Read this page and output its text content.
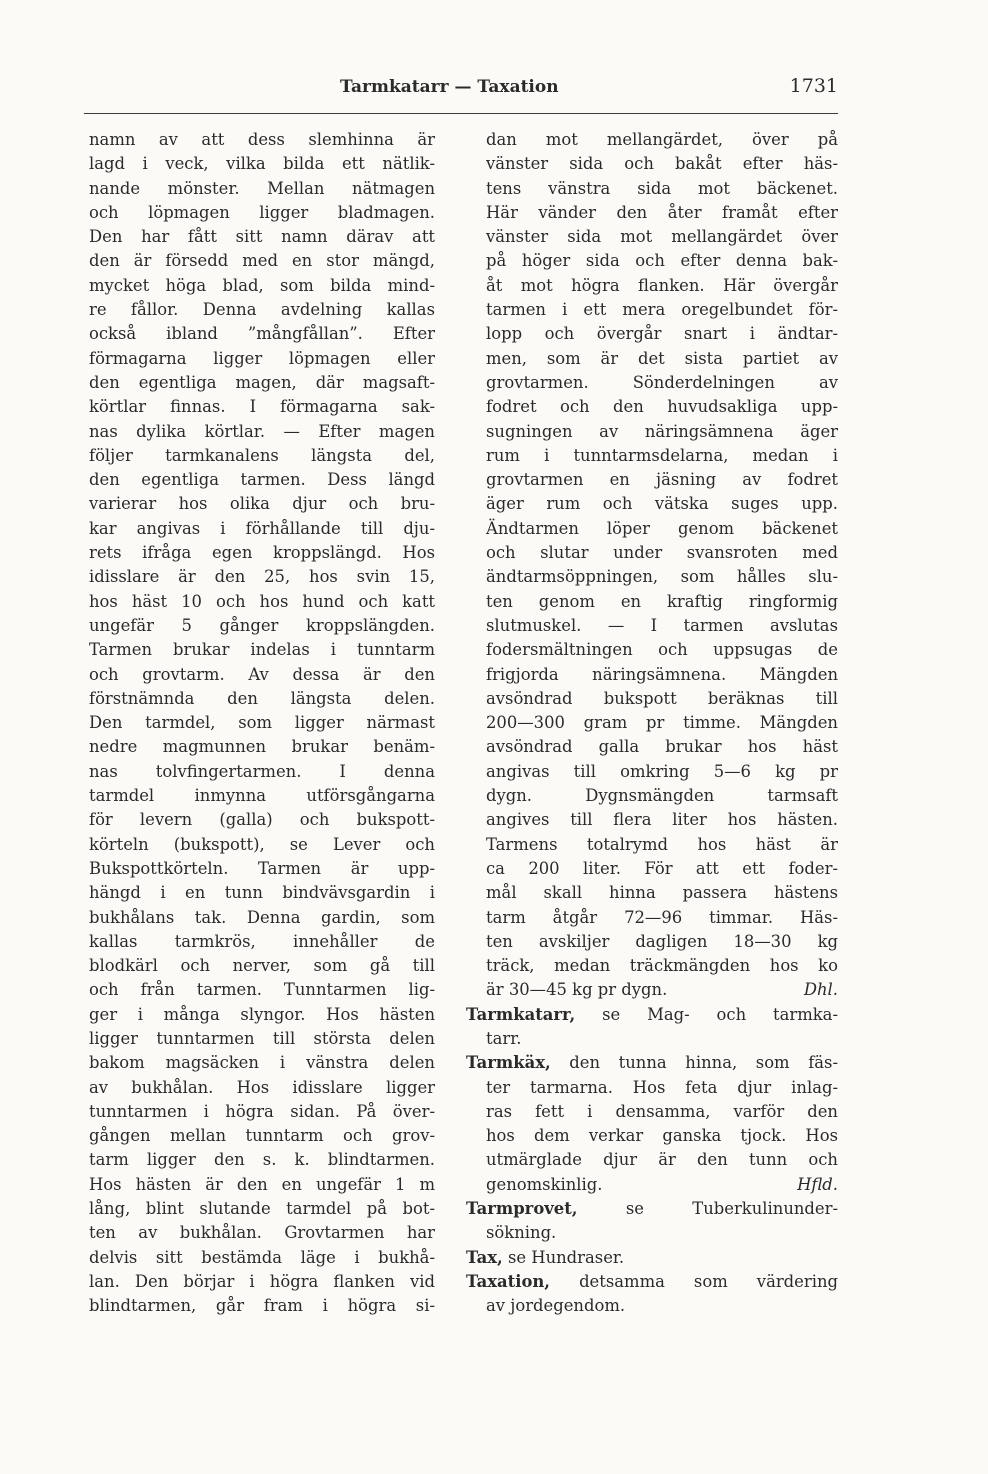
Tarmkatarr — Taxation	1731
namn av att dess slemhinna är
lagd i veck, vilka bilda ett nätlik-
nande mönster. Mellan nätmagen
och löpmagen ligger bladmagen.
Den har fått sitt namn därav att
den är försedd med en stor mängd,
mycket höga blad, som bilda mind-
re fållor. Denna avdelning kallas
också ibland ”mångfållan”. Efter
förmagarna ligger löpmagen eller
den egentliga magen, där magsaft-
körtlar finnas. I förmagarna sak-
nas dylika körtlar. — Efter magen
följer tarmkanalens längsta del,
den egentliga tarmen. Dess längd
varierar hos olika djur och bru-
kar angivas i förhållande till dju-
rets ifråga egen kroppslängd. Hos
idisslare är den 25, hos svin 15,
hos häst 10 och hos hund och katt
ungefär 5 gånger kroppslängden.
Tarmen brukar indelas i tunntarm
och grovtarm. Av dessa är den
förstnämnda den längsta delen.
Den tarmdel, som ligger närmast
nedre magmunnen brukar benäm-
nas tolvfingertarmen. I denna
tarmdel inmynna utförsgångarna
för levern (galla) och bukspott-
körteln (bukspott), se Lever och
Bukspottkörteln. Tarmen är upp-
hängd i en tunn bindvävsgardin i
bukhålans tak. Denna gardin, som
kallas tarmkrös, innehåller de
blodkärl och nerver, som gå till
och från tarmen. Tunntarmen lig-
ger i många slyngor. Hos hästen
ligger tunntarmen till största delen
bakom magsäcken i vänstra delen
av bukhålan. Hos idisslare ligger
tunntarmen i högra sidan. På över-
gången mellan tunntarm och grov-
tarm ligger den s. k. blindtarmen.
Hos hästen är den en ungefär 1 m
lång, blint slutande tarmdel på bot-
ten av bukhålan. Grovtarmen har
delvis sitt bestämda läge i bukhå-
lan. Den börjar i högra flanken vid
blindtarmen, går fram i högra si-
dan mot mellangärdet, över på
vänster sida och bakåt efter häs-
tens vänstra sida mot bäckenet.
Här vänder den åter framåt efter
vänster sida mot mellangärdet över
på höger sida och efter denna bak-
åt mot högra flanken. Här övergår
tarmen i ett mera oregelbundet för-
lopp och övergår snart i ändtar-
men, som är det sista partiet av
grovtarmen. Sönderdelningen av
fodret och den huvudsakliga upp-
sugningen av näringsämnena äger
rum i tunntarmsdelarna, medan i
grovtarmen en jäsning av fodret
äger rum och vätska suges upp.
Ändtarmen löper genom bäckenet
och slutar under svansroten med
ändtarmsöppningen, som hålles slu-
ten genom en kraftig ringformig
slutmuskel. — I tarmen avslutas
fodersmältningen och uppsugas de
frigjorda näringsämnena. Mängden
avsöndrad bukspott beräknas till
200—300 gram pr timme. Mängden
avsöndrad galla brukar hos häst
angivas till omkring 5—6 kg pr
dygn. Dygnsmängden tarmsaft
angives till flera liter hos hästen.
Tarmens totalrymd hos häst är
ca 200 liter. För att ett foder-
mål skall hinna passera hästens
tarm åtgår 72—96 timmar. Häs-
ten avskiljer dagligen 18—30 kg
träck, medan träckmängden hos ko
är 30—45 kg pr dygn.	Dhl.
Tarmkatarr, se Mag- och tarmka-
tarr.
Tarmkäx, den tunna hinna, som fäs-
ter tarmarna. Hos feta djur inlag-
ras fett i densamma, varför den
hos dem verkar ganska tjock. Hos
utmärglade djur är den tunn och
genomskinlig.	Hfld.
Tarmprovet,	se Tuberkulinunder-
sökning.
Tax, se Hundraser.
Taxation, detsamma som värdering
av jordegendom.
